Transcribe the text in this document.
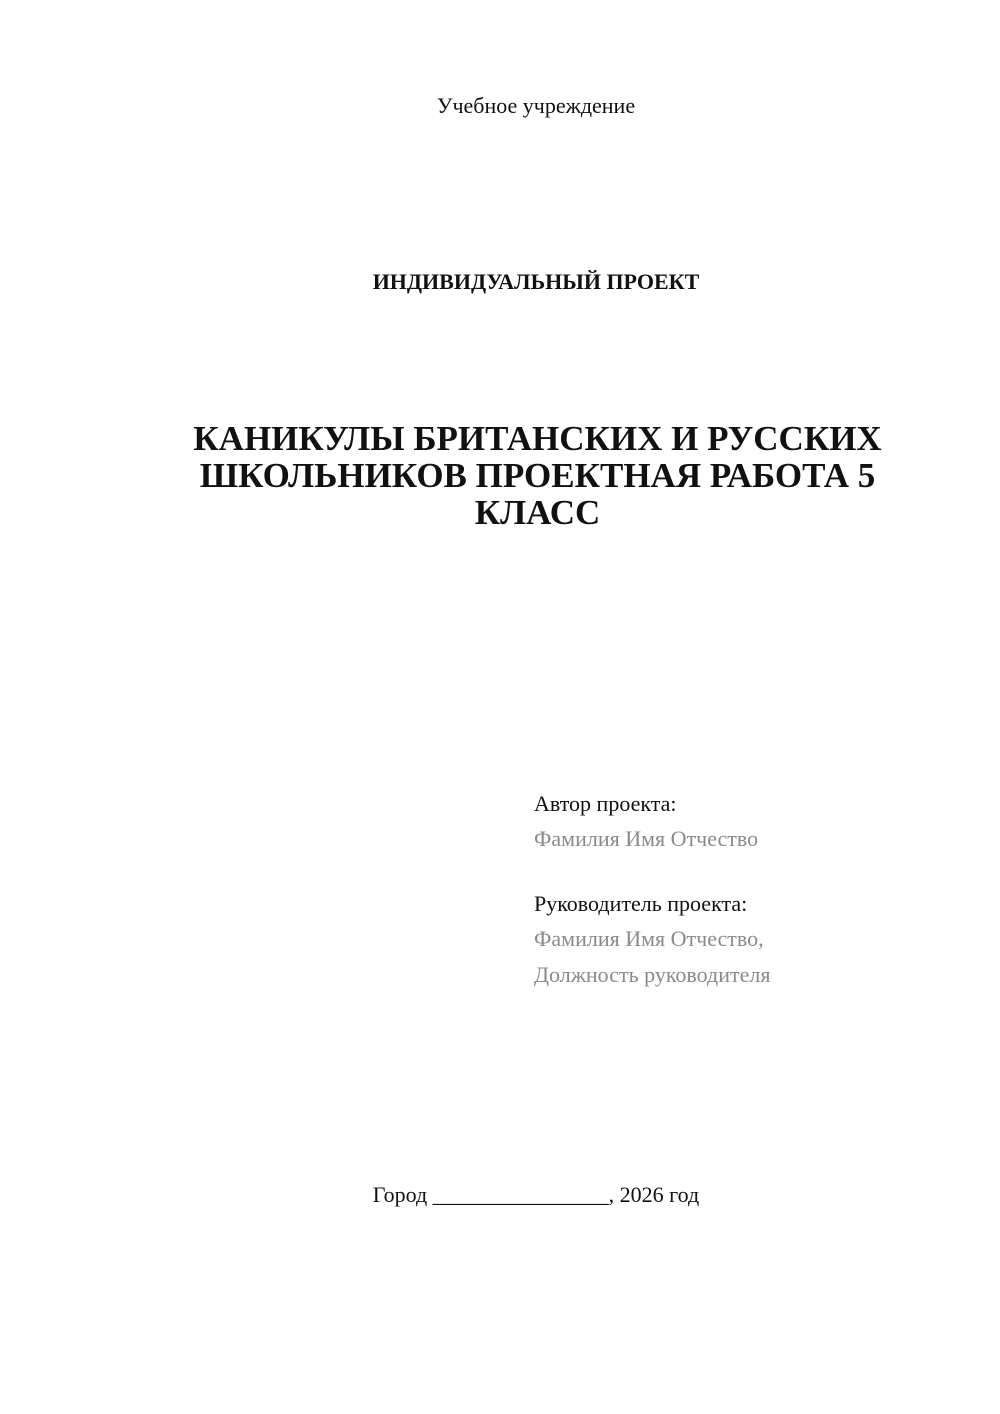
Учебное учреждение
ИНДИВИДУАЛЬНЫЙ ПРОЕКТ
КАНИКУЛЫ БРИТАНСКИХ И РУССКИХ
ШКОЛЬНИКОВ ПРОЕКТНАЯ РАБОТА 5
КЛАСС
Автор проекта:
Фамилия Имя Отчество
Руководитель проекта:
Фамилия Имя Отчество,
Должность руководителя
Город ________________, 2026 год
